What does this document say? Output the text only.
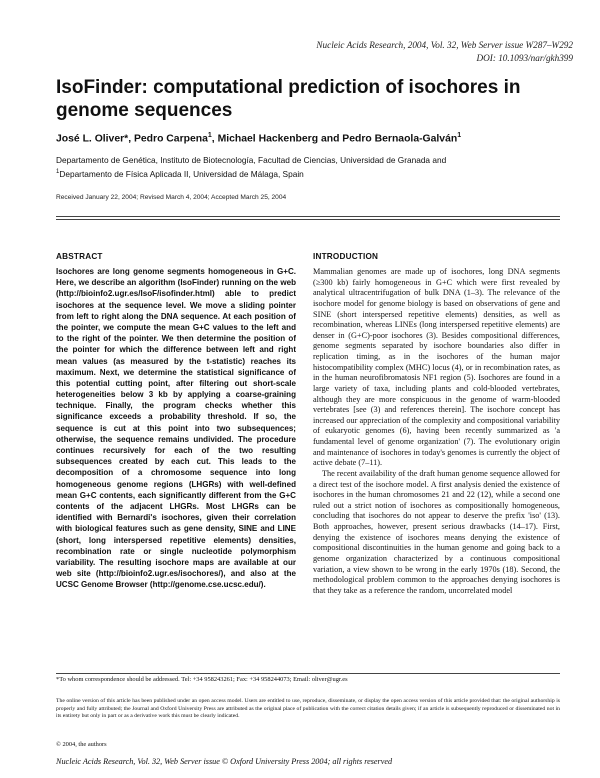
Nucleic Acids Research, 2004, Vol. 32, Web Server issue W287–W292
DOI: 10.1093/nar/gkh399
IsoFinder: computational prediction of isochores in genome sequences
José L. Oliver*, Pedro Carpena$^1$, Michael Hackenberg and Pedro Bernaola-Galván$^1$
Departamento de Genética, Instituto de Biotecnología, Facultad de Ciencias, Universidad de Granada and
$^1$Departamento de Física Aplicada II, Universidad de Málaga, Spain
Received January 22, 2004; Revised March 4, 2004; Accepted March 25, 2004
ABSTRACT
Isochores are long genome segments homogeneous in G+C. Here, we describe an algorithm (IsoFinder) running on the web (http://bioinfo2.ugr.es/IsoF/isofinder.html) able to predict isochores at the sequence level. We move a sliding pointer from left to right along the DNA sequence. At each position of the pointer, we compute the mean G+C values to the left and to the right of the pointer. We then determine the position of the pointer for which the difference between left and right mean values (as measured by the t-statistic) reaches its maximum. Next, we determine the statistical significance of this potential cutting point, after filtering out short-scale heterogeneities below 3 kb by applying a coarse-graining technique. Finally, the program checks whether this significance exceeds a probability threshold. If so, the sequence is cut at this point into two subsequences; otherwise, the sequence remains undivided. The procedure continues recursively for each of the two resulting subsequences created by each cut. This leads to the decomposition of a chromosome sequence into long homogeneous genome regions (LHGRs) with well-defined mean G+C contents, each significantly different from the G+C contents of the adjacent LHGRs. Most LHGRs can be identified with Bernardi's isochores, given their correlation with biological features such as gene density, SINE and LINE (short, long interspersed repetitive elements) densities, recombination rate or single nucleotide polymorphism variability. The resulting isochore maps are available at our web site (http://bioinfo2.ugr.es/isochores/), and also at the UCSC Genome Browser (http://genome.cse.ucsc.edu/).
INTRODUCTION

Mammalian genomes are made up of isochores, long DNA segments (≥300 kb) fairly homogeneous in G+C which were first revealed by analytical ultracentrifugation of bulk DNA (1–3). The relevance of the isochore model for genome biology is based on observations of gene and SINE (short interspersed repetitive elements) densities, as well as recombination, whereas LINEs (long interspersed repetitive elements) are denser in (G+C)-poor isochores (3). Besides compositional differences, genome segments separated by isochore boundaries also differ in replication timing, as in the isochores of the human major histocompatibility complex (MHC) locus (4), or in recombination rates, as in the human neurofibromatosis NF1 region (5). Isochores are found in a large variety of taxa, including plants and cold-blooded vertebrates, although they are more conspicuous in the genome of warm-blooded vertebrates [see (3) and references therein]. The isochore concept has increased our appreciation of the complexity and compositional variability of eukaryotic genomes (6), having been recently summarized as 'a fundamental level of genome organization' (7). The evolutionary origin and maintenance of isochores in today's genomes is currently the object of active debate (7–11).

The recent availability of the draft human genome sequence allowed for a direct test of the isochore model. A first analysis denied the existence of isochores in the human chromosomes 21 and 22 (12), while a second one ruled out a strict notion of isochores as compositionally homogeneous, concluding that isochores do not appear to deserve the prefix 'iso' (13). Both approaches, however, present serious drawbacks (14–17). First, denying the existence of isochores means denying the existence of compositional discontinuities in the human genome and going back to a genome organization characterized by a continuous compositional variation, a view shown to be wrong in the early 1970s (18). Second, the methodological problem common to the approaches denying isochores is that they take as a reference the random, uncorrelated model

*To whom correspondence should be addressed. Tel: +34 958243261; Fax: +34 958244073; Email: oliver@ugr.es
The online version of this article has been published under an open access model. Users are entitled to use, reproduce, disseminate, or display the open access version of this article provided that: the original authorship is properly and fully attributed; the Journal and Oxford University Press are attributed as the original place of publication with the correct citation details given; if an article is subsequently reproduced or disseminated not in its entirety but only in part or as a derivative work this must be clearly indicated.
© 2004, the authors
Nucleic Acids Research, Vol. 32, Web Server issue © Oxford University Press 2004; all rights reserved
